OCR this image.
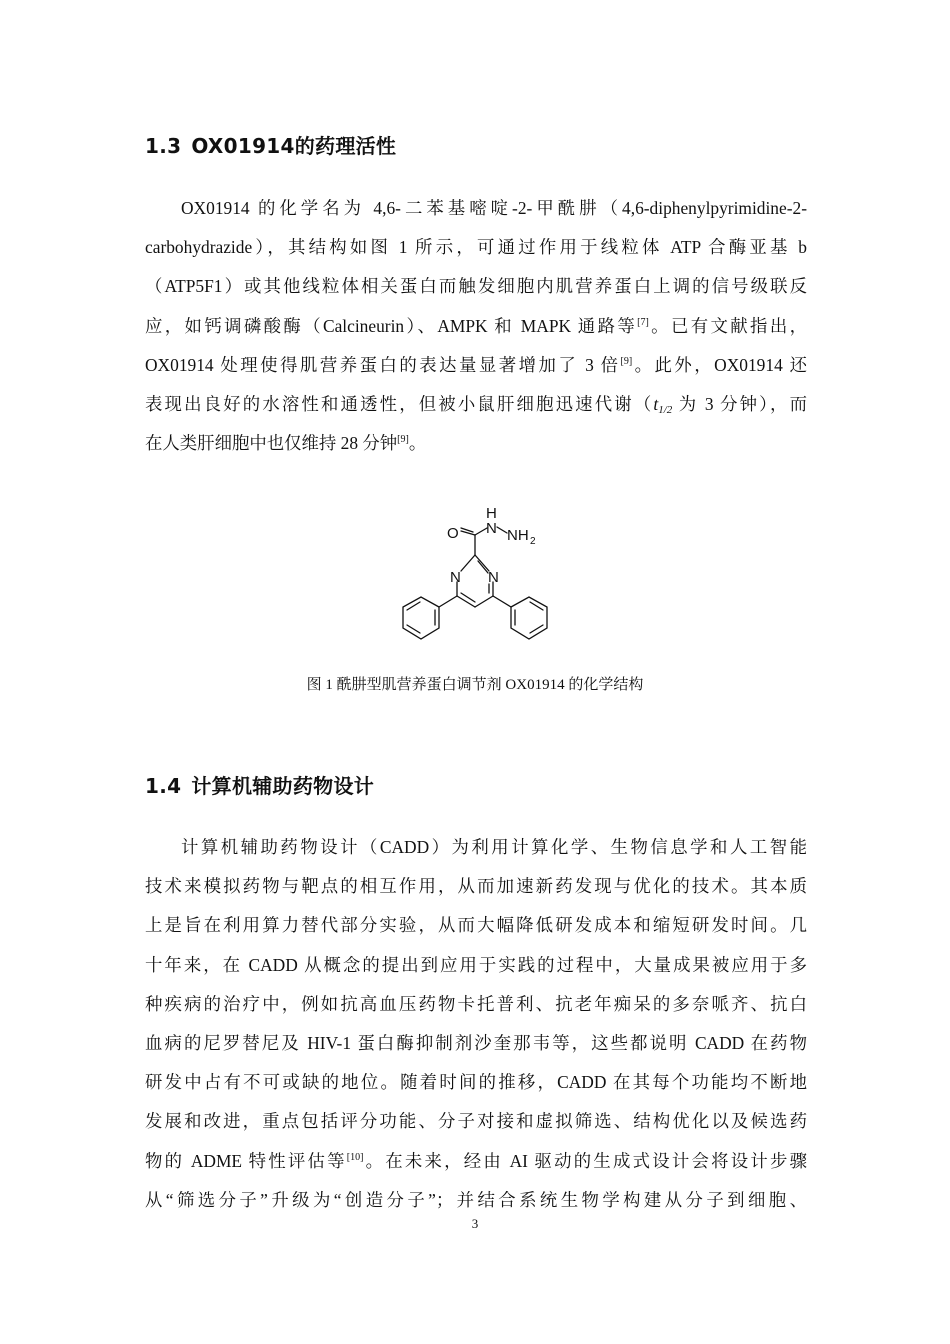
1.3 OX01914的药理活性
OX01914 的化学名为 4,6-二苯基嘧啶-2-甲酰肼（4,6-diphenylpyrimidine-2-
carbohydrazide），其结构如图 1 所示，可通过作用于线粒体 ATP 合酶亚基 b
（ATP5F1）或其他线粒体相关蛋白而触发细胞内肌营养蛋白上调的信号级联反
应，如钙调磷酸酶（Calcineurin）、AMPK 和 MAPK 通路等[7]。已有文献指出，
OX01914 处理使得肌营养蛋白的表达量显著增加了 3 倍[9]。此外，OX01914 还
表现出良好的水溶性和通透性，但被小鼠肝细胞迅速代谢（$t_{1/2}$ 为 3 分钟），而
在人类肝细胞中也仅维持 28 分钟[9]。
O
H
N NH 2
N N
图 1 酰肼型肌营养蛋白调节剂 OX01914 的化学结构
1.4 计算机辅助药物设计
计算机辅助药物设计（CADD）为利用计算化学、生物信息学和人工智能
技术来模拟药物与靶点的相互作用，从而加速新药发现与优化的技术。其本质
上是旨在利用算力替代部分实验，从而大幅降低研发成本和缩短研发时间。几
十年来，在 CADD 从概念的提出到应用于实践的过程中，大量成果被应用于多
种疾病的治疗中，例如抗高血压药物卡托普利、抗老年痴呆的多奈哌齐、抗白
血病的尼罗替尼及 HIV-1 蛋白酶抑制剂沙奎那韦等，这些都说明 CADD 在药物
研发中占有不可或缺的地位。随着时间的推移，CADD 在其每个功能均不断地
发展和改进，重点包括评分功能、分子对接和虚拟筛选、结构优化以及候选药
物的 ADME 特性评估等[10]。在未来，经由 AI 驱动的生成式设计会将设计步骤
从“筛选分子”升级为“创造分子”；并结合系统生物学构建从分子到细胞、
3
